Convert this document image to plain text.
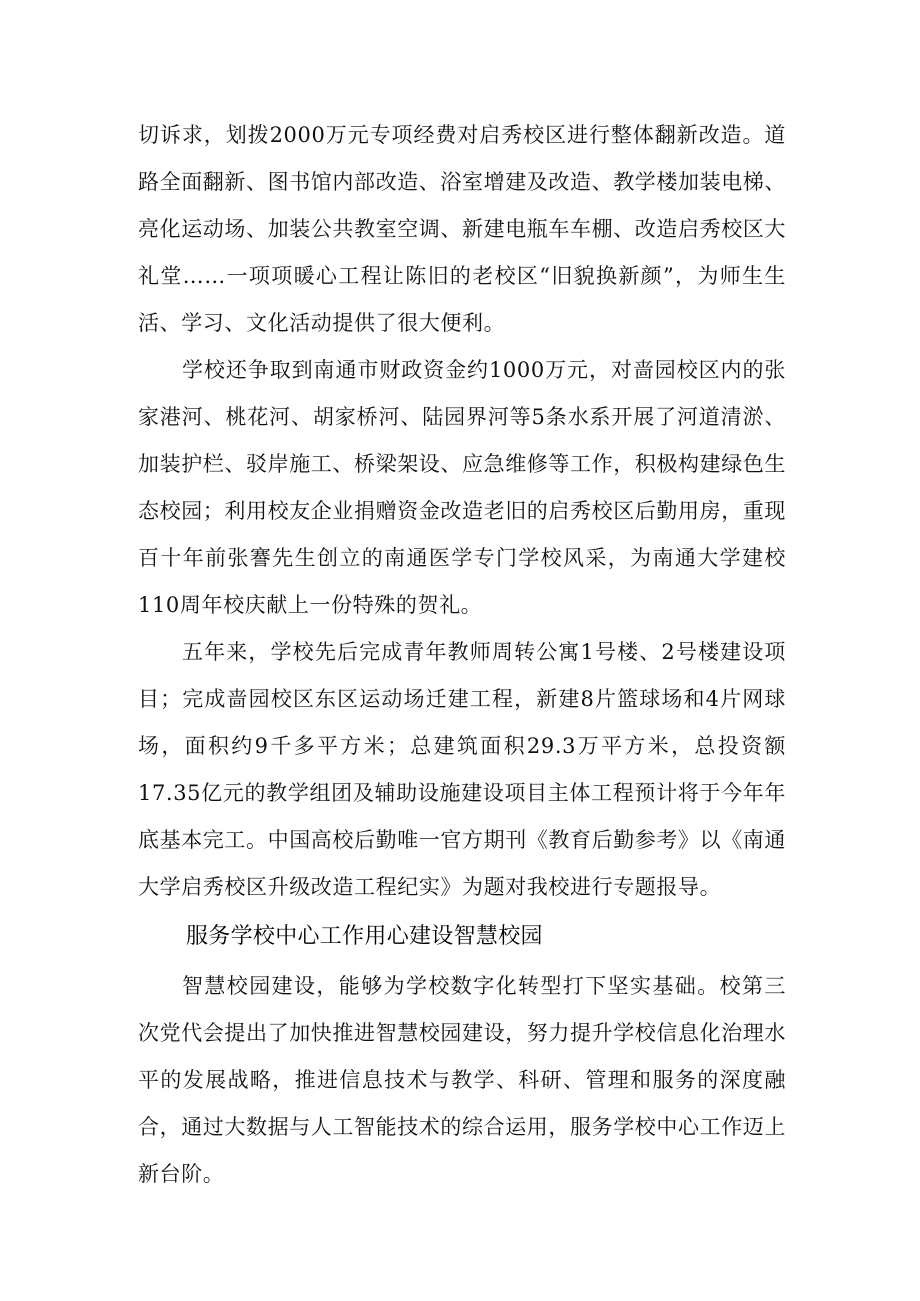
切诉求，划拨2000万元专项经费对启秀校区进行整体翻新改造。道路全面翻新、图书馆内部改造、浴室增建及改造、教学楼加装电梯、亮化运动场、加装公共教室空调、新建电瓶车车棚、改造启秀校区大礼堂……一项项暖心工程让陈旧的老校区“旧貌换新颜”，为师生生活、学习、文化活动提供了很大便利。

学校还争取到南通市财政资金约1000万元，对啬园校区内的张家港河、桃花河、胡家桥河、陆园界河等5条水系开展了河道清淤、加装护栏、驳岸施工、桥梁架设、应急维修等工作，积极构建绿色生态校园；利用校友企业捐赠资金改造老旧的启秀校区后勤用房，重现百十年前张謇先生创立的南通医学专门学校风采，为南通大学建校110周年校庆献上一份特殊的贺礼。

五年来，学校先后完成青年教师周转公寓1号楼、2号楼建设项目；完成啬园校区东区运动场迁建工程，新建8片篮球场和4片网球场，面积约9千多平方米；总建筑面积29.3万平方米，总投资额17.35亿元的教学组团及辅助设施建设项目主体工程预计将于今年年底基本完工。中国高校后勤唯一官方期刊《教育后勤参考》以《南通大学启秀校区升级改造工程纪实》为题对我校进行专题报导。

服务学校中心工作用心建设智慧校园

智慧校园建设，能够为学校数字化转型打下坚实基础。校第三次党代会提出了加快推进智慧校园建设，努力提升学校信息化治理水平的发展战略，推进信息技术与教学、科研、管理和服务的深度融合，通过大数据与人工智能技术的综合运用，服务学校中心工作迈上新台阶。
